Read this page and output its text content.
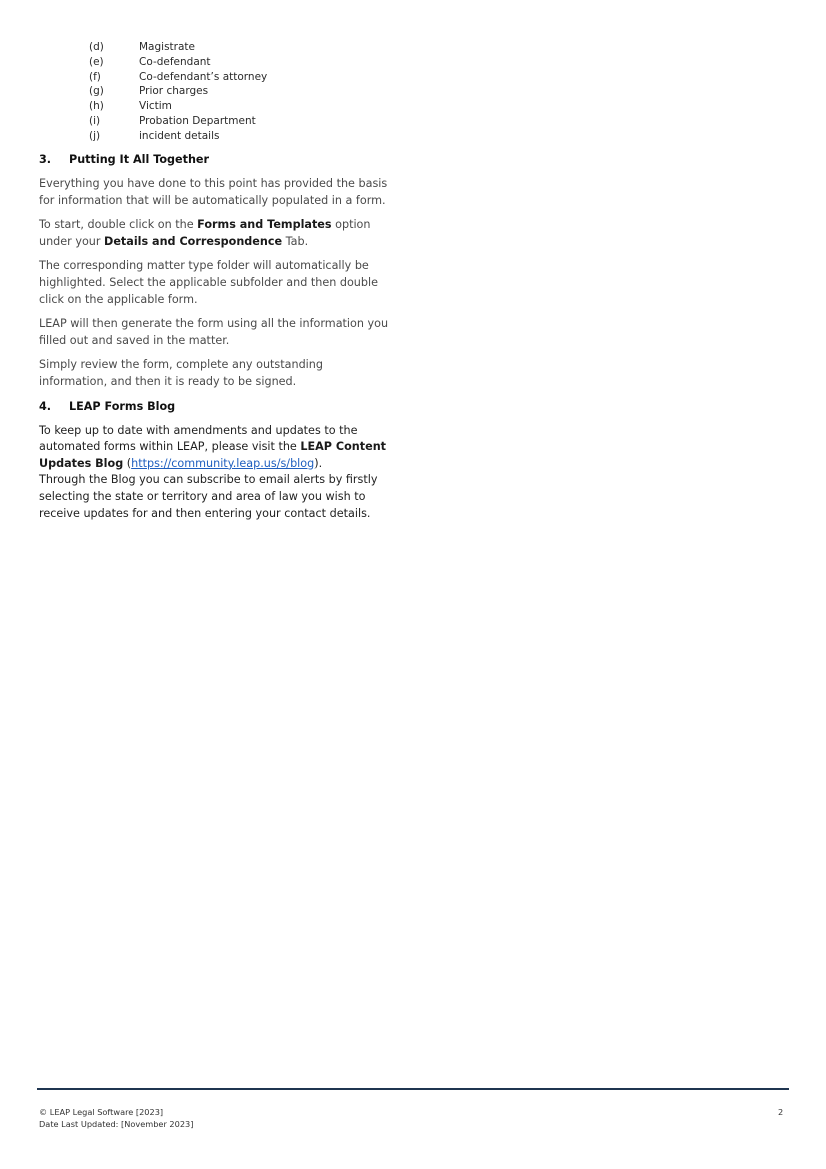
(d)	Magistrate
(e)	Co-defendant
(f)	Co-defendant’s attorney
(g)	Prior charges
(h)	Victim
(i)	Probation Department
(j)	incident details
3.	Putting It All Together

Everything you have done to this point has provided the basis for information that will be automatically populated in a form.

To start, double click on the Forms and Templates option under your Details and Correspondence Tab.

The corresponding matter type folder will automatically be highlighted. Select the applicable subfolder and then double click on the applicable form.

LEAP will then generate the form using all the information you filled out and saved in the matter.

Simply review the form, complete any outstanding information, and then it is ready to be signed.

4.	LEAP Forms Blog

To keep up to date with amendments and updates to the automated forms within LEAP, please visit the LEAP Content Updates Blog (https://community.leap.us/s/blog).

Through the Blog you can subscribe to email alerts by firstly selecting the state or territory and area of law you wish to receive updates for and then entering your contact details.

© LEAP Legal Software [2023]
Date Last Updated: [November 2023]
2
